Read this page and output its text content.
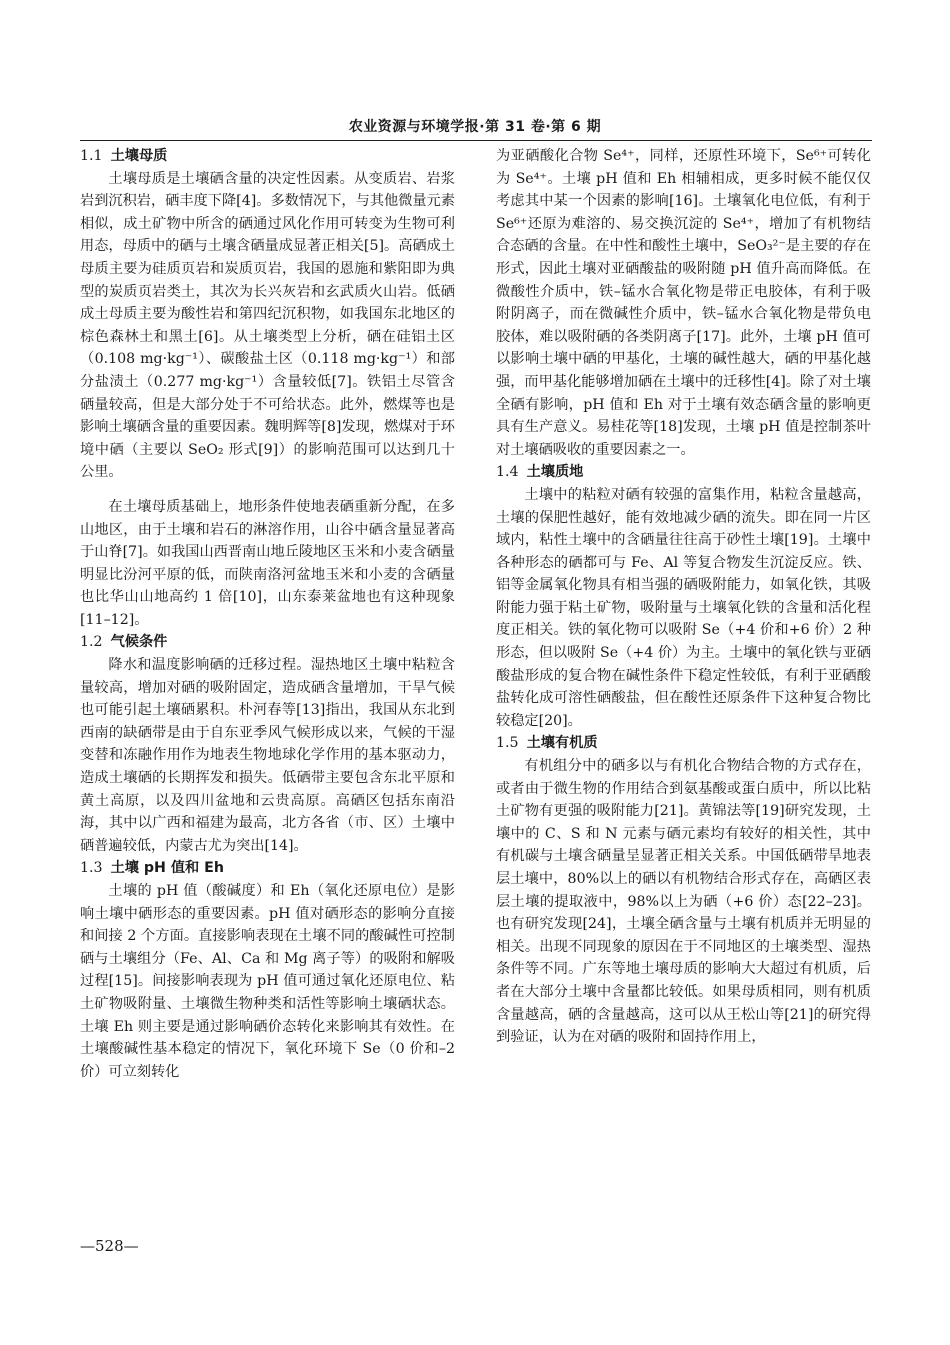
农业资源与环境学报·第 31 卷·第 6 期
1.1 土壤母质

土壤母质是土壤硒含量的决定性因素。从变质岩、岩浆岩到沉积岩，硒丰度下降[4]。多数情况下，与其他微量元素相似，成土矿物中所含的硒通过风化作用可转变为生物可利用态，母质中的硒与土壤含硒量成显著正相关[5]。高硒成土母质主要为硅质页岩和炭质页岩，我国的恩施和紫阳即为典型的炭质页岩类土，其次为长兴灰岩和玄武质火山岩。低硒成土母质主要为酸性岩和第四纪沉积物，如我国东北地区的棕色森林土和黑土[6]。从土壤类型上分析，硒在硅铝土区（0.108 mg·kg⁻¹）、碳酸盐土区（0.118 mg·kg⁻¹）和部分盐渍土（0.277 mg·kg⁻¹）含量较低[7]。铁铝土尽管含硒量较高，但是大部分处于不可给状态。此外，燃煤等也是影响土壤硒含量的重要因素。魏明辉等[8]发现，燃煤对于环境中硒（主要以 SeO₂ 形式[9]）的影响范围可以达到几十公里。

在土壤母质基础上，地形条件使地表硒重新分配，在多山地区，由于土壤和岩石的淋溶作用，山谷中硒含量显著高于山脊[7]。如我国山西晋南山地丘陵地区玉米和小麦含硒量明显比汾河平原的低，而陕南洛河盆地玉米和小麦的含硒量也比华山山地高约 1 倍[10]，山东泰莱盆地也有这种现象[11–12]。

1.2 气候条件

降水和温度影响硒的迁移过程。湿热地区土壤中粘粒含量较高，增加对硒的吸附固定，造成硒含量增加，干旱气候也可能引起土壤硒累积。朴河春等[13]指出，我国从东北到西南的缺硒带是由于自东亚季风气候形成以来，气候的干湿变替和冻融作用作为地表生物地球化学作用的基本驱动力，造成土壤硒的长期挥发和损失。低硒带主要包含东北平原和黄土高原，以及四川盆地和云贵高原。高硒区包括东南沿海，其中以广西和福建为最高，北方各省（市、区）土壤中硒普遍较低，内蒙古尤为突出[14]。

1.3 土壤 pH 值和 Eh

土壤的 pH 值（酸碱度）和 Eh（氧化还原电位）是影响土壤中硒形态的重要因素。pH 值对硒形态的影响分直接和间接 2 个方面。直接影响表现在土壤不同的酸碱性可控制硒与土壤组分（Fe、Al、Ca 和 Mg 离子等）的吸附和解吸过程[15]。间接影响表现为 pH 值可通过氧化还原电位、粘土矿物吸附量、土壤微生物种类和活性等影响土壤硒状态。土壤 Eh 则主要是通过影响硒价态转化来影响其有效性。在土壤酸碱性基本稳定的情况下，氧化环境下 Se（0 价和–2 价）可立刻转化

为亚硒酸化合物 Se⁴⁺，同样，还原性环境下，Se⁶⁺可转化为 Se⁴⁺。土壤 pH 值和 Eh 相辅相成，更多时候不能仅仅考虑其中某一个因素的影响[16]。土壤氧化电位低，有利于 Se⁶⁺还原为难溶的、易交换沉淀的 Se⁴⁺，增加了有机物结合态硒的含量。在中性和酸性土壤中，SeO₃²⁻是主要的存在形式，因此土壤对亚硒酸盐的吸附随 pH 值升高而降低。在微酸性介质中，铁–锰水合氧化物是带正电胶体，有利于吸附阴离子，而在微碱性介质中，铁–锰水合氧化物是带负电胶体，难以吸附硒的各类阴离子[17]。此外，土壤 pH 值可以影响土壤中硒的甲基化，土壤的碱性越大，硒的甲基化越强，而甲基化能够增加硒在土壤中的迁移性[4]。除了对土壤全硒有影响，pH 值和 Eh 对于土壤有效态硒含量的影响更具有生产意义。易桂花等[18]发现，土壤 pH 值是控制茶叶对土壤硒吸收的重要因素之一。

1.4 土壤质地

土壤中的粘粒对硒有较强的富集作用，粘粒含量越高，土壤的保肥性越好，能有效地减少硒的流失。即在同一片区域内，粘性土壤中的含硒量往往高于砂性土壤[19]。土壤中各种形态的硒都可与 Fe、Al 等复合物发生沉淀反应。铁、铝等金属氧化物具有相当强的硒吸附能力，如氧化铁，其吸附能力强于粘土矿物，吸附量与土壤氧化铁的含量和活化程度正相关。铁的氧化物可以吸附 Se（+4 价和+6 价）2 种形态，但以吸附 Se（+4 价）为主。土壤中的氧化铁与亚硒酸盐形成的复合物在碱性条件下稳定性较低，有利于亚硒酸盐转化成可溶性硒酸盐，但在酸性还原条件下这种复合物比较稳定[20]。

1.5 土壤有机质

有机组分中的硒多以与有机化合物结合物的方式存在，或者由于微生物的作用结合到氨基酸或蛋白质中，所以比粘土矿物有更强的吸附能力[21]。黄锦法等[19]研究发现，土壤中的 C、S 和 N 元素与硒元素均有较好的相关性，其中有机碳与土壤含硒量呈显著正相关关系。中国低硒带旱地表层土壤中，80%以上的硒以有机物结合形式存在，高硒区表层土壤的提取液中，98%以上为硒（+6 价）态[22–23]。也有研究发现[24]，土壤全硒含量与土壤有机质并无明显的相关。出现不同现象的原因在于不同地区的土壤类型、湿热条件等不同。广东等地土壤母质的影响大大超过有机质，后者在大部分土壤中含量都比较低。如果母质相同，则有机质含量越高，硒的含量越高，这可以从王松山等[21]的研究得到验证，认为在对硒的吸附和固持作用上，

—528—
